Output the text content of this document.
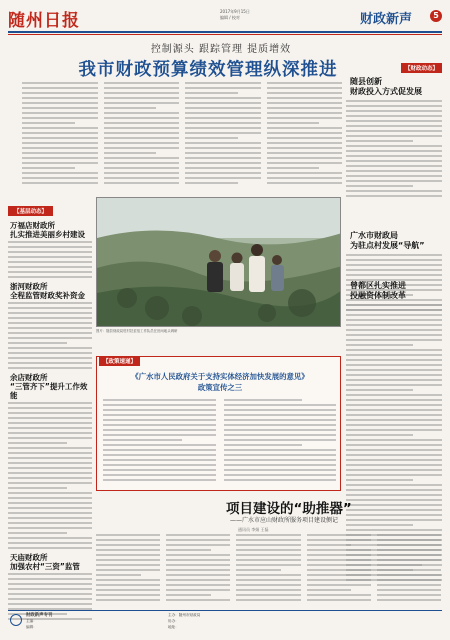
随州日报	2017年9月15日
编辑 / 校对	财政新声	5
控制源头 跟踪管理 提质增效
我市财政预算绩效管理纵深推进	【财政动态】
随县创新
财政投入方式促发展
广水市财政局
为驻点村发展“导航”
曾都区扎实推进
投融资体制改革
【基层动态】
万福店财政所
扎实推进美丽乡村建设
浙河财政所
全程监管财政奖补资金
余店财政所
“三管齐下”提升工作效能
天庙财政所
加强农村“三资”监管
图片：随县财政局驻村扶贫组工作队员在田间地头调研
【政策速递】
《广水市人民政府关于支持实体经济加快发展的意见》
政策宣传之三
项目建设的“助推器”
——广水市应山财政所服务项目建设侧记
通讯员 李娟 王磊
财政新声专刊
主编：
编辑：
主办：随州市财政局
协办：
地址：
